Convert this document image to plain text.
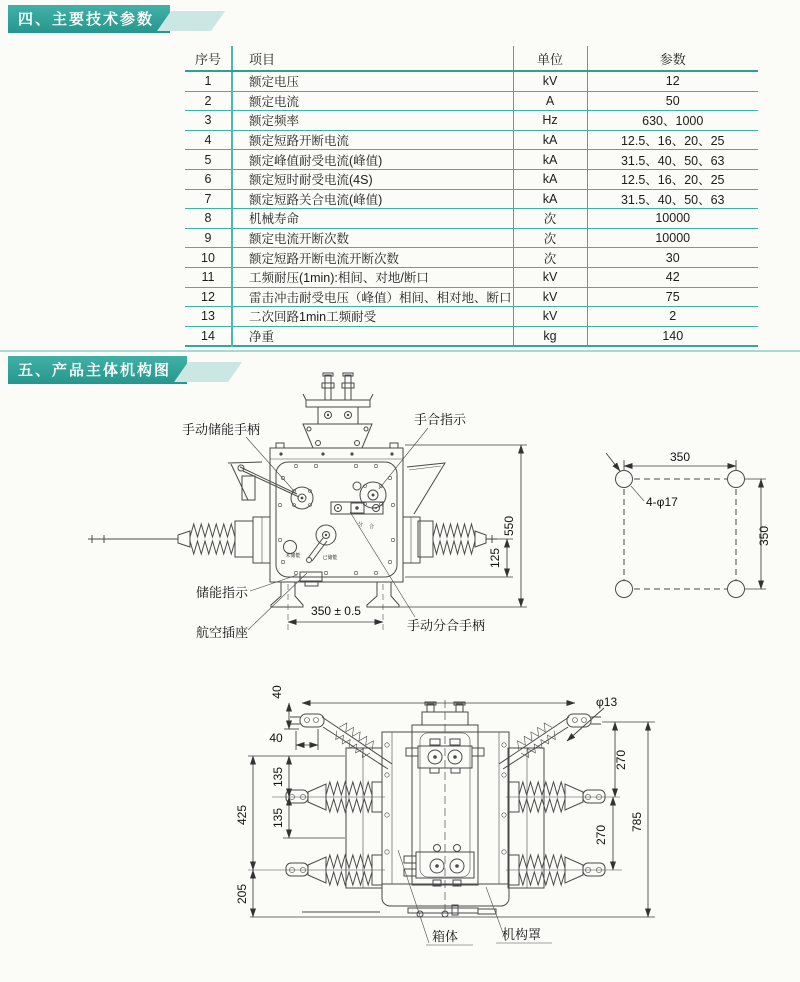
四、主要技术参数
序号	项目	单位	参数
1	额定电压	kV	12
2	额定电流	A	50
3	额定频率	Hz	630、1000
4	额定短路开断电流	kA	12.5、16、20、25
5	额定峰值耐受电流(峰值)	kA	31.5、40、50、63
6	额定短时耐受电流(4S)	kA	12.5、16、20、25
7	额定短路关合电流(峰值)	kA	31.5、40、50、63
8	机械寿命	次	10000
9	额定电流开断次数	次	10000
10	额定短路开断电流开断次数	次	30
11	工频耐压(1min):相间、对地/断口	kV	42
12	雷击冲击耐受电压（峰值）相间、相对地、断口	kV	75
13	二次回路1min工频耐受	kV	2
14	净重	kg	140
五、产品主体机构图
分 合
未储能	已储能
550
125
350 ± 0.5
手动储能手柄
手合指示
储能指示
航空插座	手动分合手柄
350
350
4-φ17
40
40
135
135
425
205
270
270
785
φ13
箱体	机构罩
